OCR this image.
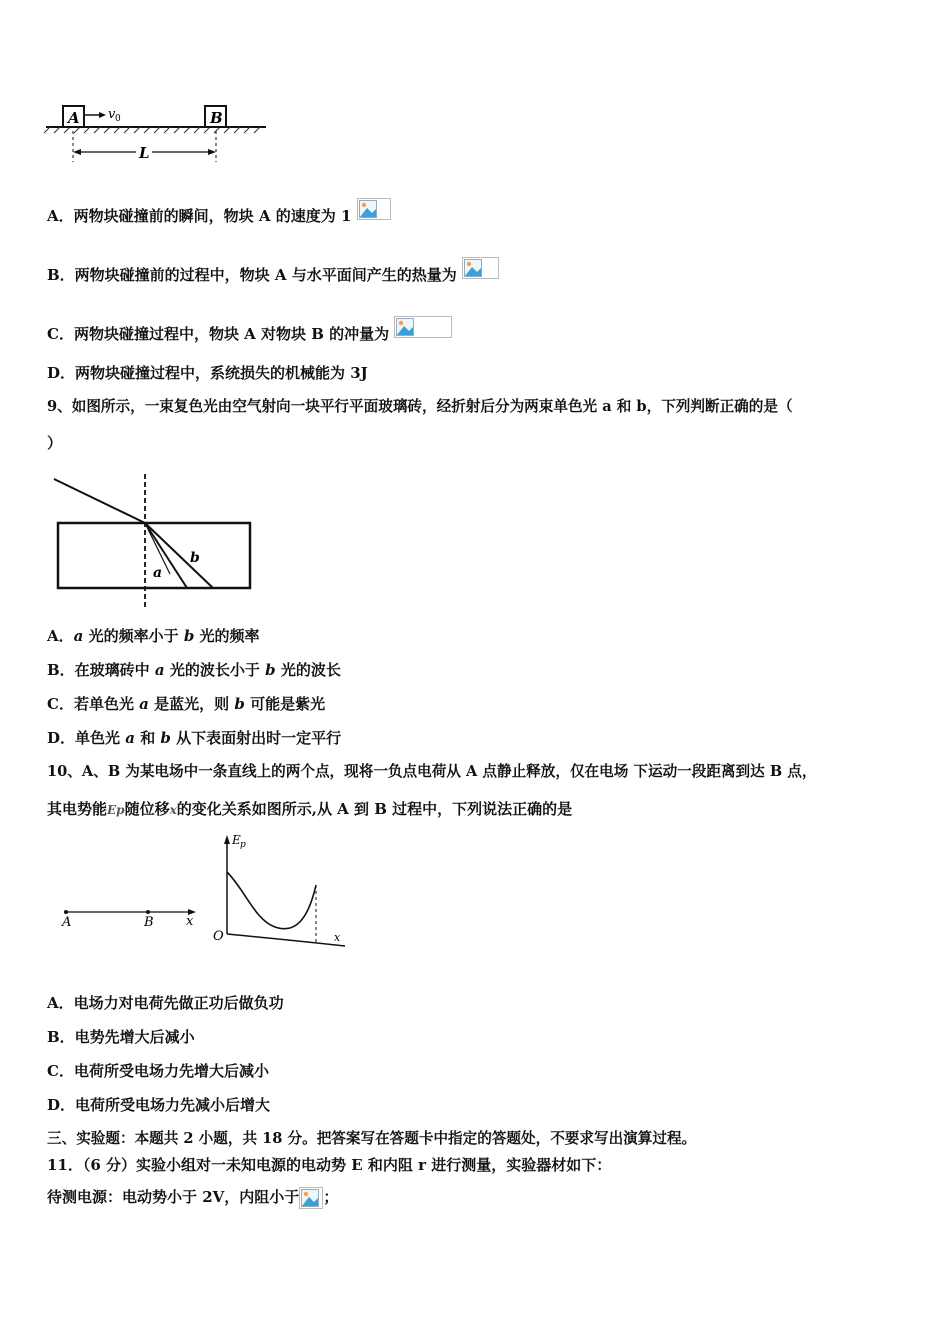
A v 0	B
L
A．两物块碰撞前的瞬间，物块 A 的速度为 1
B．两物块碰撞前的过程中，物块 A 与水平面间产生的热量为
C．两物块碰撞过程中，物块 A 对物块 B 的冲量为
D．两物块碰撞过程中，系统损失的机械能为 3J
9、如图所示，一束复色光由空气射向一块平行平面玻璃砖，经折射后分为两束单色光 a 和 b，下列判断正确的是（
）
a
b
A．a 光的频率小于 b 光的频率
B．在玻璃砖中 a 光的波长小于 b 光的波长
C．若单色光 a 是蓝光，则 b 可能是紫光
D．单色光 a 和 b 从下表面射出时一定平行
10、A、B 为某电场中一条直线上的两个点，现将一负点电荷从 A 点静止释放，仅在电场 下运动一段距离到达 B 点，
其电势能Ep随位移x的变化关系如图所示,从 A 到 B 过程中，下列说法正确的是
A	B x
E p
O	x
A．电场力对电荷先做正功后做负功
B．电势先增大后减小
C．电荷所受电场力先增大后减小
D．电荷所受电场力先减小后增大
三、实验题：本题共 2 小题，共 18 分。把答案写在答题卡中指定的答题处，不要求写出演算过程。
11．（6 分）实验小组对一未知电源的电动势 E 和内阻 r 进行测量，实验器材如下：
待测电源：电动势小于 2V，内阻小于 ；
